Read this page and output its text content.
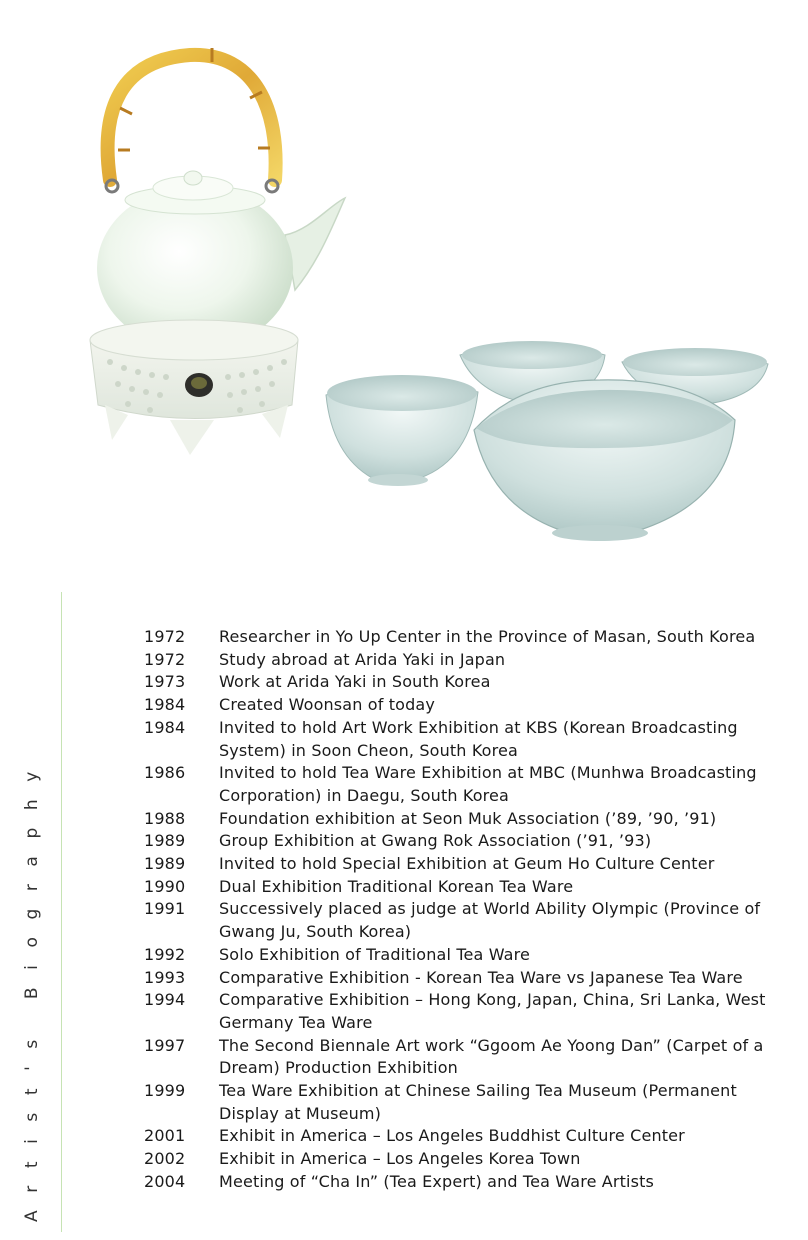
Artist's Biography
1972	Researcher in Yo Up Center in the Province of Masan, South Korea
1972	Study abroad at Arida Yaki in Japan
1973	Work at Arida Yaki in South Korea
1984	Created Woonsan of today
1984	Invited to hold Art Work Exhibition at KBS (Korean Broadcasting System) in Soon Cheon, South Korea
1986	Invited to hold Tea Ware Exhibition at MBC (Munhwa Broadcasting Corporation) in Daegu, South Korea
1988	Foundation exhibition at Seon Muk Association (’89, ’90, ’91)
1989	Group Exhibition at Gwang Rok Association (’91, ’93)
1989	Invited to hold Special Exhibition at Geum Ho Culture Center
1990	Dual Exhibition Traditional Korean Tea Ware
1991	Successively placed as judge at World Ability Olympic (Province of Gwang Ju, South Korea)
1992	Solo Exhibition of Traditional Tea Ware
1993	Comparative Exhibition - Korean Tea Ware vs Japanese Tea Ware
1994	Comparative Exhibition – Hong Kong, Japan, China, Sri Lanka, West Germany Tea Ware
1997	The Second Biennale Art work “Ggoom Ae Yoong Dan” (Carpet of a Dream) Production Exhibition
1999	Tea Ware Exhibition at Chinese Sailing Tea Museum (Permanent Display at Museum)
2001	Exhibit in America – Los Angeles Buddhist Culture Center
2002	Exhibit in America – Los Angeles Korea Town
2004	Meeting of “Cha In” (Tea Expert) and Tea Ware Artists
